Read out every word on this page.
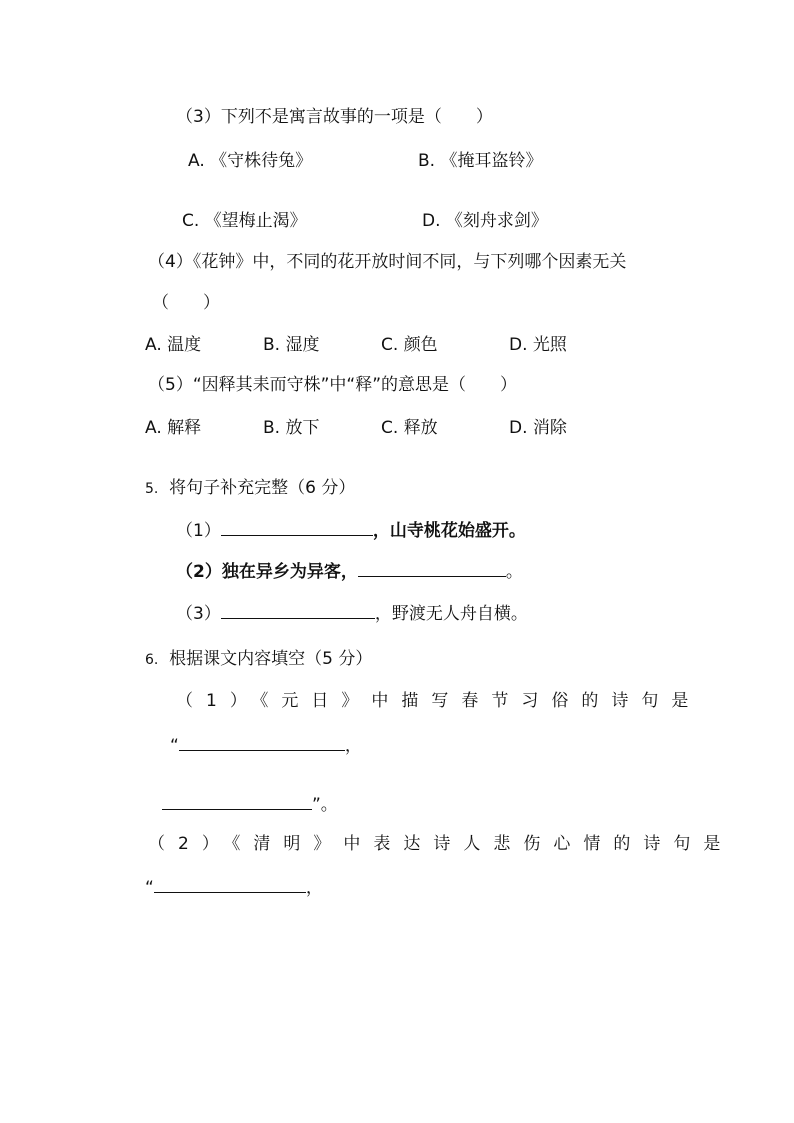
（3）下列不是寓言故事的一项是（　　）
A. 《守株待兔》	B. 《掩耳盗铃》
C. 《望梅止渴》	D. 《刻舟求剑》
（4）《花钟》中，不同的花开放时间不同，与下列哪个因素无关
（　　）
A. 温度	B. 湿度	C. 颜色	D. 光照
（5）“因释其耒而守株”中“释”的意思是（　　）
A. 解释	B. 放下	C. 释放	D. 消除
5. 将句子补充完整（6 分）
（1）	，山寺桃花始盛开。
（2）独在异乡为异客，	。
（3）	，野渡无人舟自横。
6. 根据课文内容填空（5 分）
（1）《元日》中描写春节习俗的诗句是
“	，
”。
（2）《清明》中表达诗人悲伤心情的诗句是
“	，
